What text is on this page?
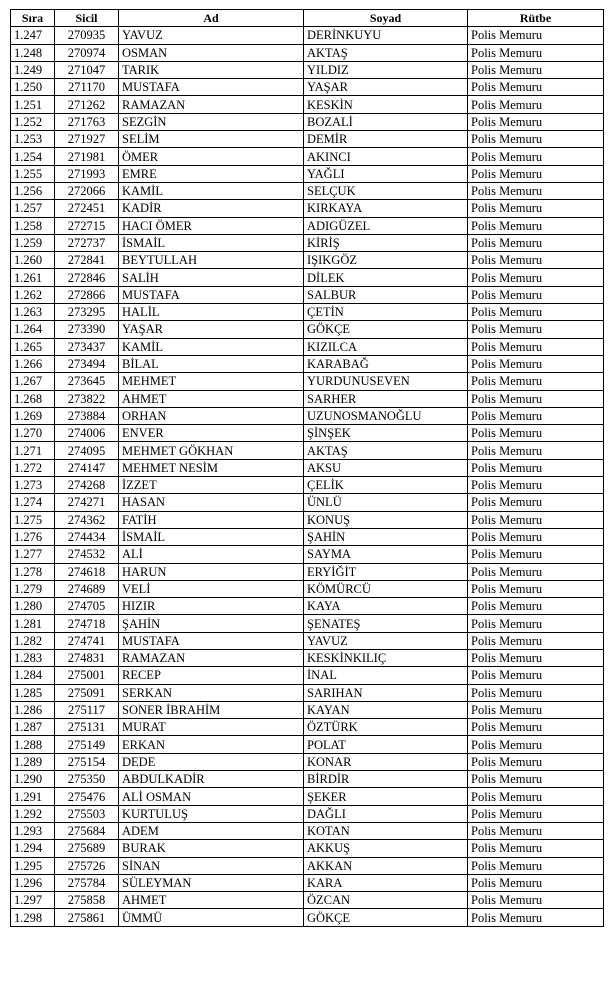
Sıra	Sicil	Ad	Soyad	Rütbe
1.247	270935	YAVUZ	DERİNKUYU	Polis Memuru
1.248	270974	OSMAN	AKTAŞ	Polis Memuru
1.249	271047	TARIK	YILDIZ	Polis Memuru
1.250	271170	MUSTAFA	YAŞAR	Polis Memuru
1.251	271262	RAMAZAN	KESKİN	Polis Memuru
1.252	271763	SEZGİN	BOZALİ	Polis Memuru
1.253	271927	SELİM	DEMİR	Polis Memuru
1.254	271981	ÖMER	AKINCI	Polis Memuru
1.255	271993	EMRE	YAĞLI	Polis Memuru
1.256	272066	KAMİL	SELÇUK	Polis Memuru
1.257	272451	KADİR	KIRKAYA	Polis Memuru
1.258	272715	HACI ÖMER	ADIGÜZEL	Polis Memuru
1.259	272737	İSMAİL	KİRİŞ	Polis Memuru
1.260	272841	BEYTULLAH	IŞIKGÖZ	Polis Memuru
1.261	272846	SALİH	DİLEK	Polis Memuru
1.262	272866	MUSTAFA	SALBUR	Polis Memuru
1.263	273295	HALİL	ÇETİN	Polis Memuru
1.264	273390	YAŞAR	GÖKÇE	Polis Memuru
1.265	273437	KAMİL	KIZILCA	Polis Memuru
1.266	273494	BİLAL	KARABAĞ	Polis Memuru
1.267	273645	MEHMET	YURDUNUSEVEN	Polis Memuru
1.268	273822	AHMET	SARHER	Polis Memuru
1.269	273884	ORHAN	UZUNOSMANOĞLU	Polis Memuru
1.270	274006	ENVER	ŞİNŞEK	Polis Memuru
1.271	274095	MEHMET GÖKHAN	AKTAŞ	Polis Memuru
1.272	274147	MEHMET NESİM	AKSU	Polis Memuru
1.273	274268	İZZET	ÇELİK	Polis Memuru
1.274	274271	HASAN	ÜNLÜ	Polis Memuru
1.275	274362	FATİH	KONUŞ	Polis Memuru
1.276	274434	İSMAİL	ŞAHİN	Polis Memuru
1.277	274532	ALİ	SAYMA	Polis Memuru
1.278	274618	HARUN	ERYİĞİT	Polis Memuru
1.279	274689	VELİ	KÖMÜRCÜ	Polis Memuru
1.280	274705	HIZIR	KAYA	Polis Memuru
1.281	274718	ŞAHİN	ŞENATEŞ	Polis Memuru
1.282	274741	MUSTAFA	YAVUZ	Polis Memuru
1.283	274831	RAMAZAN	KESKİNKILIÇ	Polis Memuru
1.284	275001	RECEP	İNAL	Polis Memuru
1.285	275091	SERKAN	SARIHAN	Polis Memuru
1.286	275117	SONER İBRAHİM	KAYAN	Polis Memuru
1.287	275131	MURAT	ÖZTÜRK	Polis Memuru
1.288	275149	ERKAN	POLAT	Polis Memuru
1.289	275154	DEDE	KONAR	Polis Memuru
1.290	275350	ABDULKADİR	BİRDİR	Polis Memuru
1.291	275476	ALİ OSMAN	ŞEKER	Polis Memuru
1.292	275503	KURTULUŞ	DAĞLI	Polis Memuru
1.293	275684	ADEM	KOTAN	Polis Memuru
1.294	275689	BURAK	AKKUŞ	Polis Memuru
1.295	275726	SİNAN	AKKAN	Polis Memuru
1.296	275784	SÜLEYMAN	KARA	Polis Memuru
1.297	275858	AHMET	ÖZCAN	Polis Memuru
1.298	275861	ÜMMÜ	GÖKÇE	Polis Memuru
